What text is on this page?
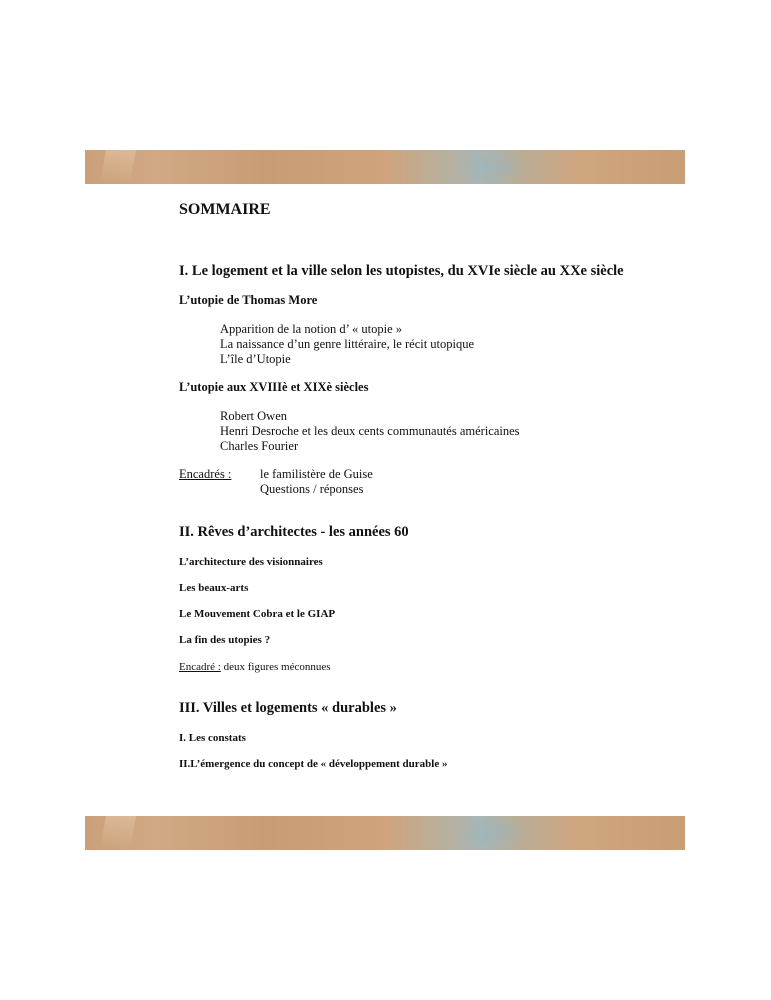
SOMMAIRE
I. Le logement et la ville selon les utopistes, du XVIe siècle au XXe siècle
L’utopie de Thomas More
Apparition de la notion d’ « utopie »
La naissance d’un genre littéraire, le récit utopique
L’île d’Utopie
L’utopie aux XVIIIè et XIXè siècles
Robert Owen
Henri Desroche et les deux cents communautés américaines
Charles Fourier
Encadrés : le familistère de Guise
Questions / réponses
II. Rêves d’architectes - les années 60
L’architecture des visionnaires
Les beaux-arts
Le Mouvement Cobra et le GIAP
La fin des utopies ?
Encadré : deux figures méconnues
III. Villes et logements « durables »
I. Les constats
II.L’émergence du concept de « développement durable »
